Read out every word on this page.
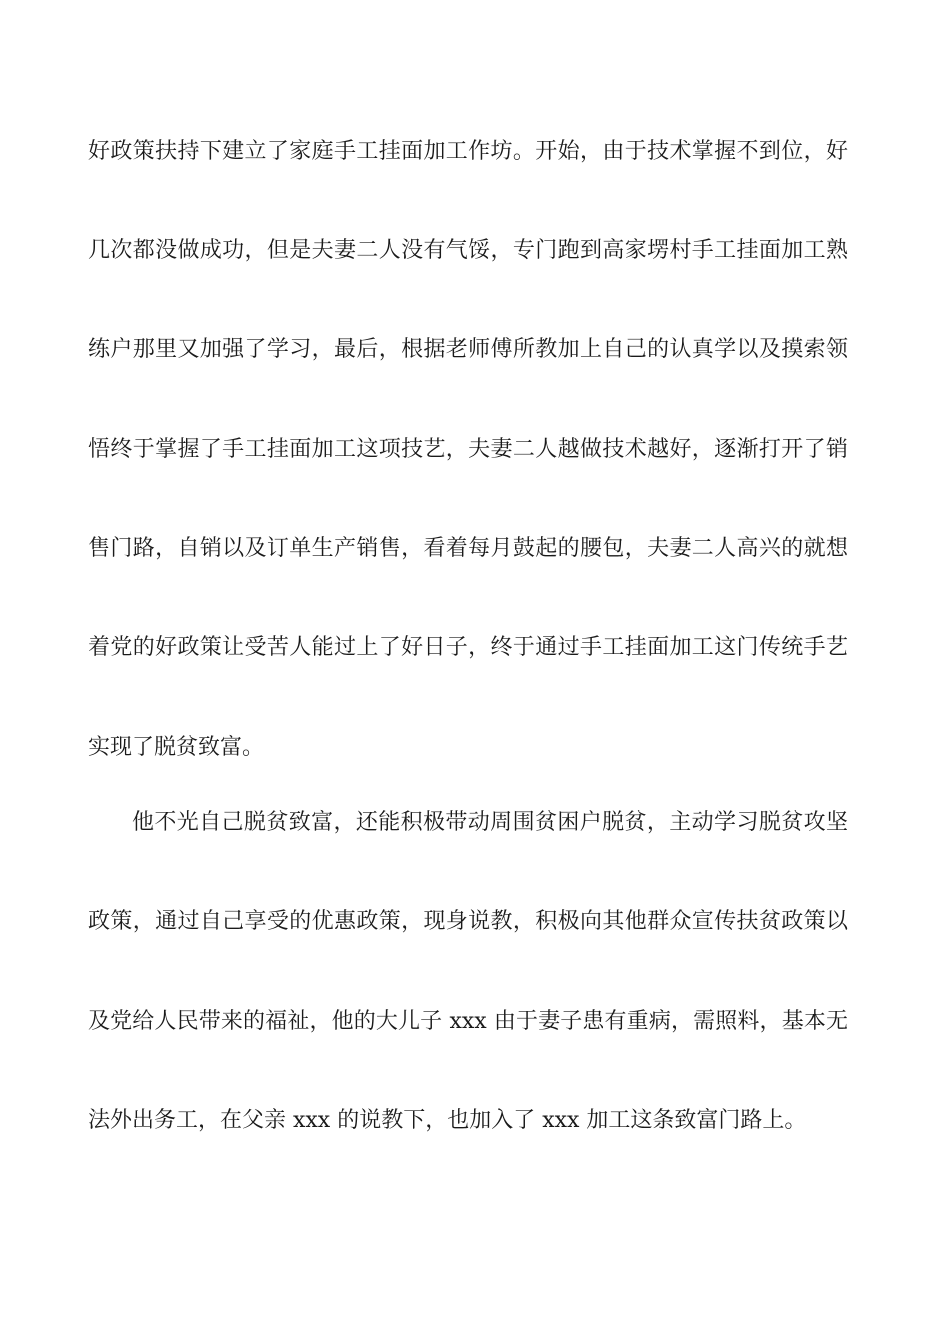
好政策扶持下建立了家庭手工挂面加工作坊。开始，由于技术掌握不到位，好
几次都没做成功，但是夫妻二人没有气馁，专门跑到高家塄村手工挂面加工熟
练户那里又加强了学习，最后，根据老师傅所教加上自己的认真学以及摸索领
悟终于掌握了手工挂面加工这项技艺，夫妻二人越做技术越好，逐渐打开了销
售门路，自销以及订单生产销售，看着每月鼓起的腰包，夫妻二人高兴的就想
着党的好政策让受苦人能过上了好日子，终于通过手工挂面加工这门传统手艺
实现了脱贫致富。
他不光自己脱贫致富，还能积极带动周围贫困户脱贫，主动学习脱贫攻坚
政策，通过自己享受的优惠政策，现身说教，积极向其他群众宣传扶贫政策以
及党给人民带来的福祉，他的大儿子 xxx 由于妻子患有重病，需照料，基本无
法外出务工，在父亲 xxx 的说教下，也加入了 xxx 加工这条致富门路上。
